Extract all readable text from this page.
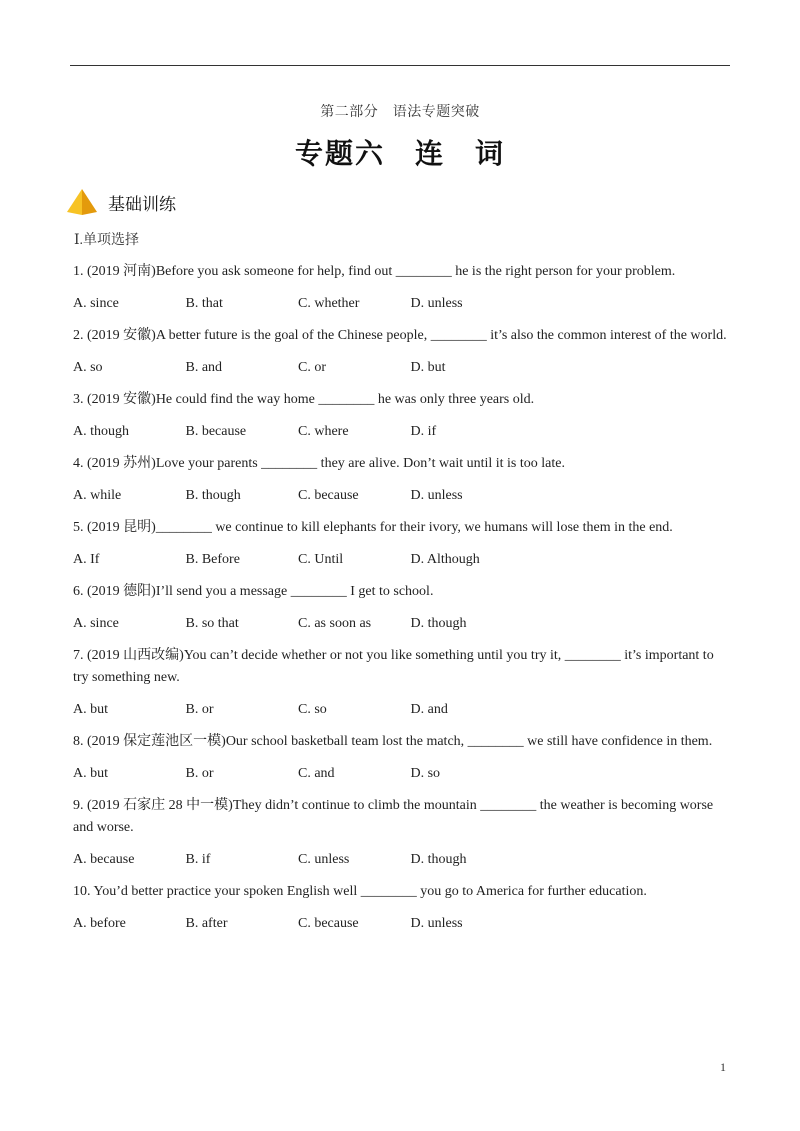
第二部分　语法专题突破
专题六　连　词
基础训练
Ⅰ.单项选择
1. (2019 河南)Before you ask someone for help, find out ________ he is the right person for your problem.
A. since	B. that	C. whether	D. unless
2. (2019 安徽)A better future is the goal of the Chinese people, ________ it’s also the common interest of the world.
A. so	B. and	C. or	D. but
3. (2019 安徽)He could find the way home ________ he was only three years old.
A. though	B. because	C. where	D. if
4. (2019 苏州)Love your parents ________ they are alive. Don’t wait until it is too late.
A. while	B. though	C. because	D. unless
5. (2019 昆明)________ we continue to kill elephants for their ivory, we humans will lose them in the end.
A. If	B. Before	C. Until	D. Although
6. (2019 德阳)I’ll send you a message ________ I get to school.
A. since	B. so that	C. as soon as	D. though
7. (2019 山西改编)You can’t decide whether or not you like something until you try it, ________ it’s important to try something new.
A. but	B. or	C. so	D. and
8. (2019 保定莲池区一模)Our school basketball team lost the match, ________ we still have confidence in them.
A. but	B. or	C. and	D. so
9. (2019 石家庄 28 中一模)They didn’t continue to climb the mountain ________ the weather is becoming worse and worse.
A. because	B. if	C. unless	D. though
10. You’d better practice your spoken English well ________ you go to America for further education.
A. before	B. after	C. because	D. unless
1
